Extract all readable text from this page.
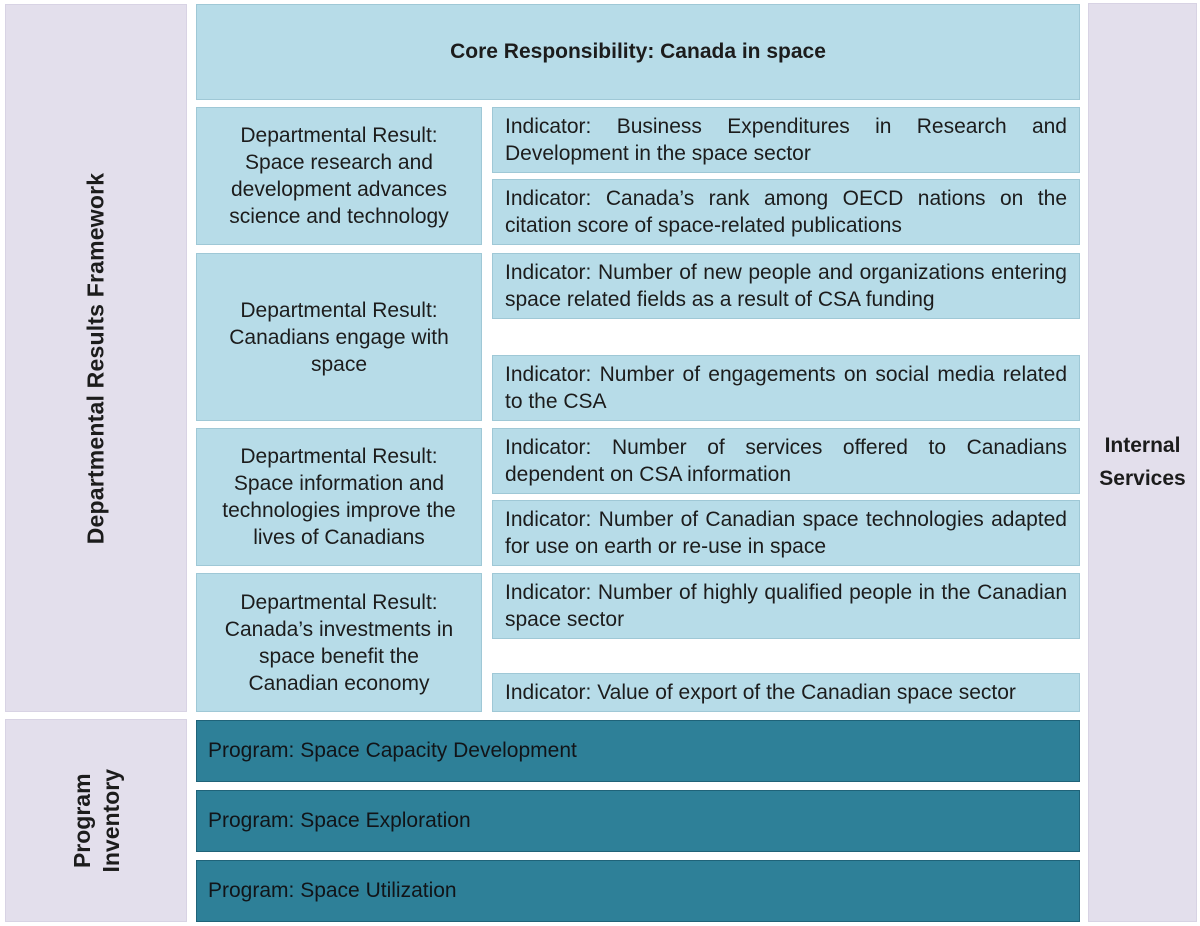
Departmental Results Framework
Program Inventory
Core Responsibility: Canada in space
Departmental Result: Space research and development advances science and technology
Indicator: Business Expenditures in Research and Development in the space sector
Indicator: Canada’s rank among OECD nations on the citation score of space-related publications
Departmental Result: Canadians engage with space
Indicator: Number of new people and organizations entering space related fields as a result of CSA funding
Indicator: Number of engagements on social media related to the CSA
Departmental Result: Space information and technologies improve the lives of Canadians
Indicator: Number of services offered to Canadians dependent on CSA information
Indicator: Number of Canadian space technologies adapted for use on earth or re-use in space
Departmental Result: Canada’s investments in space benefit the Canadian economy
Indicator: Number of highly qualified people in the Canadian space sector
Indicator: Value of export of the Canadian space sector
Program: Space Capacity Development
Program: Space Exploration
Program: Space Utilization
Internal Services
